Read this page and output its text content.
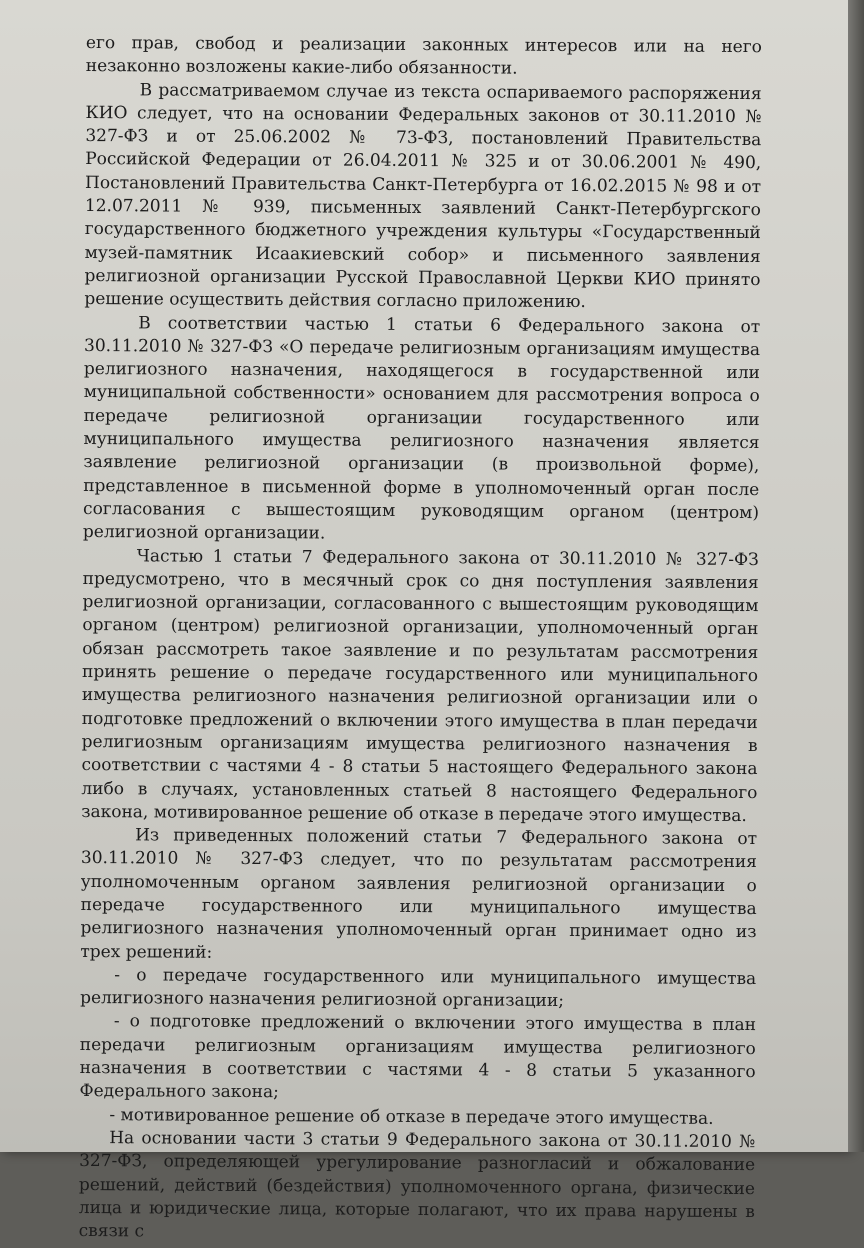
его прав, свобод и реализации законных интересов или на него незаконно возложены какие-либо обязанности.

В рассматриваемом случае из текста оспариваемого распоряжения КИО следует, что на основании Федеральных законов от 30.11.2010 № 327-ФЗ и от 25.06.2002 № 73-ФЗ, постановлений Правительства Российской Федерации от 26.04.2011 № 325 и от 30.06.2001 № 490, Постановлений Правительства Санкт-Петербурга от 16.02.2015 № 98 и от 12.07.2011 № 939, письменных заявлений Санкт-Петербургского государственного бюджетного учреждения культуры «Государственный музей-памятник Исаакиевский собор» и письменного заявления религиозной организации Русской Православной Церкви КИО принято решение осуществить действия согласно приложению.

В соответствии частью 1 статьи 6 Федерального закона от 30.11.2010 № 327-ФЗ «О передаче религиозным организациям имущества религиозного назначения, находящегося в государственной или муниципальной собственности» основанием для рассмотрения вопроса о передаче религиозной организации государственного или муниципального имущества религиозного назначения является заявление религиозной организации (в произвольной форме), представленное в письменной форме в уполномоченный орган после согласования с вышестоящим руководящим органом (центром) религиозной организации.

Частью 1 статьи 7 Федерального закона от 30.11.2010 № 327-ФЗ предусмотрено, что в месячный срок со дня поступления заявления религиозной организации, согласованного с вышестоящим руководящим органом (центром) религиозной организации, уполномоченный орган обязан рассмотреть такое заявление и по результатам рассмотрения принять решение о передаче государственного или муниципального имущества религиозного назначения религиозной организации или о подготовке предложений о включении этого имущества в план передачи религиозным организациям имущества религиозного назначения в соответствии с частями 4 - 8 статьи 5 настоящего Федерального закона либо в случаях, установленных статьей 8 настоящего Федерального закона, мотивированное решение об отказе в передаче этого имущества.

Из приведенных положений статьи 7 Федерального закона от 30.11.2010 № 327-ФЗ следует, что по результатам рассмотрения уполномоченным органом заявления религиозной организации о передаче государственного или муниципального имущества религиозного назначения уполномоченный орган принимает одно из трех решений:

- о передаче государственного или муниципального имущества религиозного назначения религиозной организации;

- о подготовке предложений о включении этого имущества в план передачи религиозным организациям имущества религиозного назначения в соответствии с частями 4 - 8 статьи 5 указанного Федерального закона;

- мотивированное решение об отказе в передаче этого имущества.

На основании части 3 статьи 9 Федерального закона от 30.11.2010 № 327-ФЗ, определяющей урегулирование разногласий и обжалование решений, действий (бездействия) уполномоченного органа, физические лица и юридические лица, которые полагают, что их права нарушены в связи с
